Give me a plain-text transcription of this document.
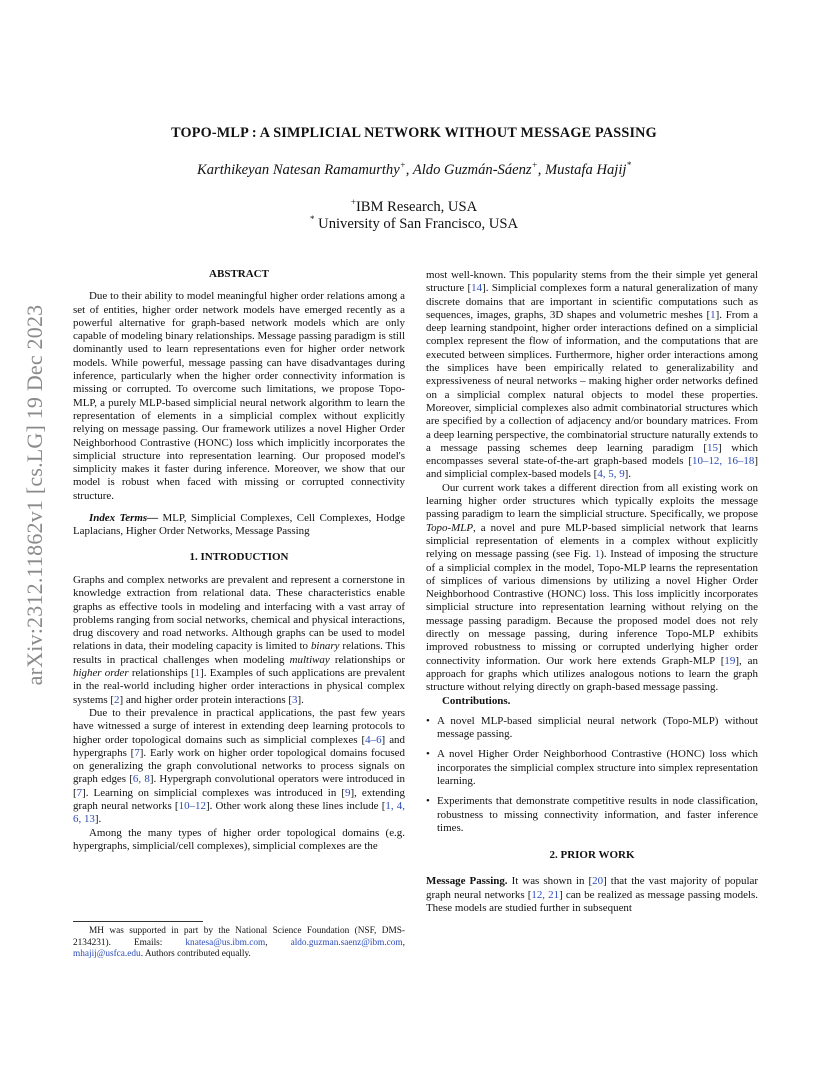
arXiv:2312.11862v1 [cs.LG] 19 Dec 2023
TOPO-MLP : A SIMPLICIAL NETWORK WITHOUT MESSAGE PASSING
Karthikeyan Natesan Ramamurthy+, Aldo Guzmán-Sáenz+, Mustafa Hajij*
+IBM Research, USA
* University of San Francisco, USA
ABSTRACT

Due to their ability to model meaningful higher order relations among a set of entities, higher order network models have emerged recently as a powerful alternative for graph-based network models which are only capable of modeling binary relationships. Message passing paradigm is still dominantly used to learn representations even for higher order network models. While powerful, message passing can have disadvantages during inference, particularly when the higher order connectivity information is missing or corrupted. To overcome such limitations, we propose Topo-MLP, a purely MLP-based simplicial neural network algorithm to learn the representation of elements in a simplicial complex without explicitly relying on message passing. Our framework utilizes a novel Higher Order Neighborhood Contrastive (HONC) loss which implicitly incorporates the simplicial structure into representation learning. Our proposed model's simplicity makes it faster during inference. Moreover, we show that our model is robust when faced with missing or corrupted connectivity structure.

Index Terms— MLP, Simplicial Complexes, Cell Complexes, Hodge Laplacians, Higher Order Networks, Message Passing

1. INTRODUCTION

Graphs and complex networks are prevalent and represent a cornerstone in knowledge extraction from relational data. These characteristics enable graphs as effective tools in modeling and interfacing with a vast array of problems ranging from social networks, chemical and physical interactions, drug discovery and road networks. Although graphs can be used to model relations in data, their modeling capacity is limited to binary relations. This results in practical challenges when modeling multiway relationships or higher order relationships [1]. Examples of such applications are prevalent in the real-world including higher order interactions in physical complex systems [2] and higher order protein interactions [3].

Due to their prevalence in practical applications, the past few years have witnessed a surge of interest in extending deep learning protocols to higher order topological domains such as simplicial complexes [4–6] and hypergraphs [7]. Early work on higher order topological domains focused on generalizing the graph convolutional networks to process signals on graph edges [6, 8]. Hypergraph convolutional operators were introduced in [7]. Learning on simplicial complexes was introduced in [9], extending graph neural networks [10–12]. Other work along these lines include [1, 4, 6, 13].

Among the many types of higher order topological domains (e.g. hypergraphs, simplicial/cell complexes), simplicial complexes are the

MH was supported in part by the National Science Foundation (NSF, DMS-2134231). Emails: knatesa@us.ibm.com, aldo.guzman.saenz@ibm.com, mhajij@usfca.edu. Authors contributed equally.

most well-known. This popularity stems from the their simple yet general structure [14]. Simplicial complexes form a natural generalization of many discrete domains that are important in scientific computations such as sequences, images, graphs, 3D shapes and volumetric meshes [1]. From a deep learning standpoint, higher order interactions defined on a simplicial complex represent the flow of information, and the computations that are executed between simplices. Furthermore, higher order interactions among the simplices have been empirically related to generalizability and expressiveness of neural networks – making higher order networks defined on a simplicial complex natural objects to model these properties. Moreover, simplicial complexes also admit combinatorial structures which are specified by a collection of adjacency and/or boundary matrices. From a deep learning perspective, the combinatorial structure naturally extends to a message passing schemes deep learning paradigm [15] which encompasses several state-of-the-art graph-based models [10–12, 16–18] and simplicial complex-based models [4, 5, 9].

Our current work takes a different direction from all existing work on learning higher order structures which typically exploits the message passing paradigm to learn the simplicial structure. Specifically, we propose Topo-MLP, a novel and pure MLP-based simplicial network that learns simplicial representation of elements in a complex without explicitly relying on message passing (see Fig. 1). Instead of imposing the structure of a simplicial complex in the model, Topo-MLP learns the representation of simplices of various dimensions by utilizing a novel Higher Order Neighborhood Contrastive (HONC) loss. This loss implicitly incorporates simplicial structure into representation learning without relying on the message passing paradigm. Because the proposed model does not rely directly on message passing, during inference Topo-MLP exhibits improved robustness to missing or corrupted underlying higher order connectivity information. Our work here extends Graph-MLP [19], an approach for graphs which utilizes analogous notions to learn the graph structure without relying directly on graph-based message passing.

Contributions.

• A novel MLP-based simplicial neural network (Topo-MLP) without message passing.
• A novel Higher Order Neighborhood Contrastive (HONC) loss which incorporates the simplicial complex structure into simplex representation learning.
• Experiments that demonstrate competitive results in node classification, robustness to missing connectivity information, and faster inference times.
2. PRIOR WORK

Message Passing. It was shown in [20] that the vast majority of popular graph neural networks [12, 21] can be realized as message passing models. These models are studied further in subsequent
